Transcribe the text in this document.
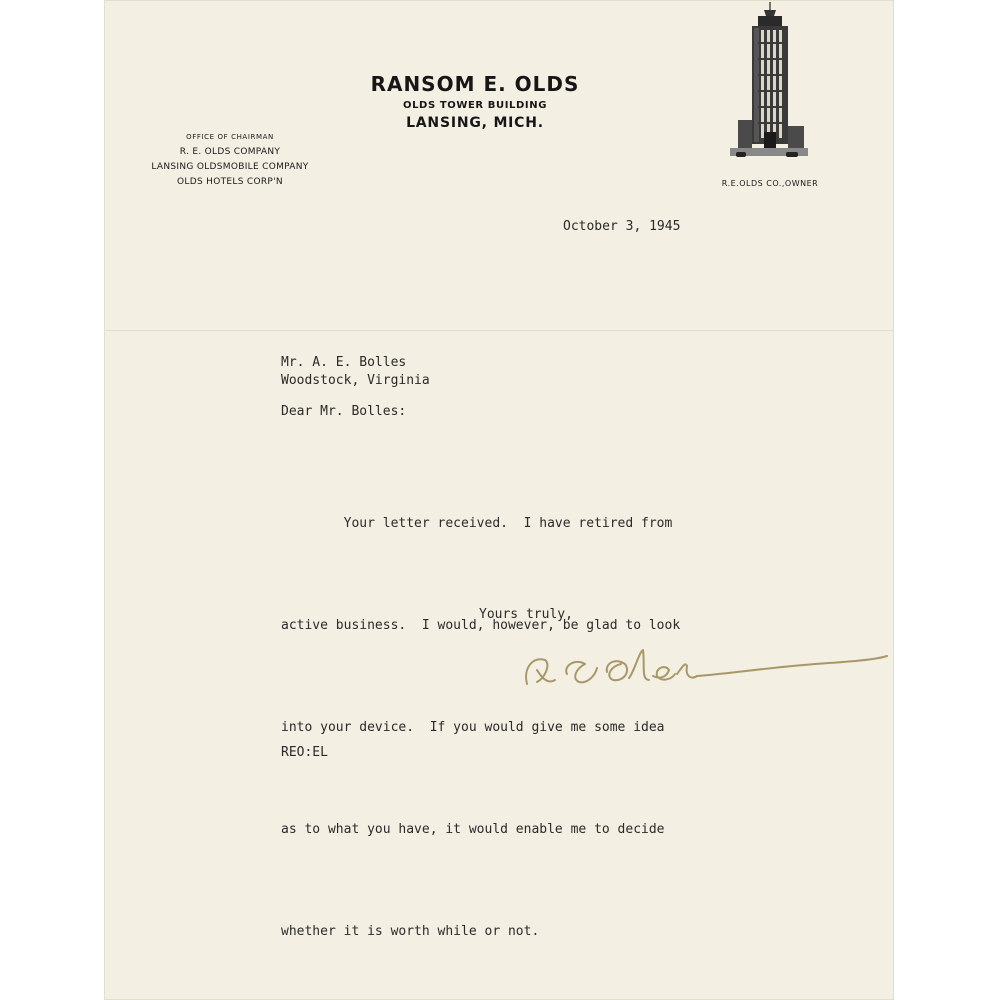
RANSOM E. OLDS
OLDS TOWER BUILDING
LANSING, MICH.
OFFICE OF CHAIRMAN
R. E. OLDS COMPANY
LANSING OLDSMOBILE COMPANY
OLDS HOTELS CORP'N	R.E.OLDS CO.,OWNER
October 3, 1945
Mr. A. E. Bolles
Woodstock, Virginia
Dear Mr. Bolles:

Your letter received.  I have retired from

active business.  I would, however, be glad to look

into your device.  If you would give me some idea

as to what you have, it would enable me to decide

whether it is worth while or not.

Yours truly,
REO:EL
